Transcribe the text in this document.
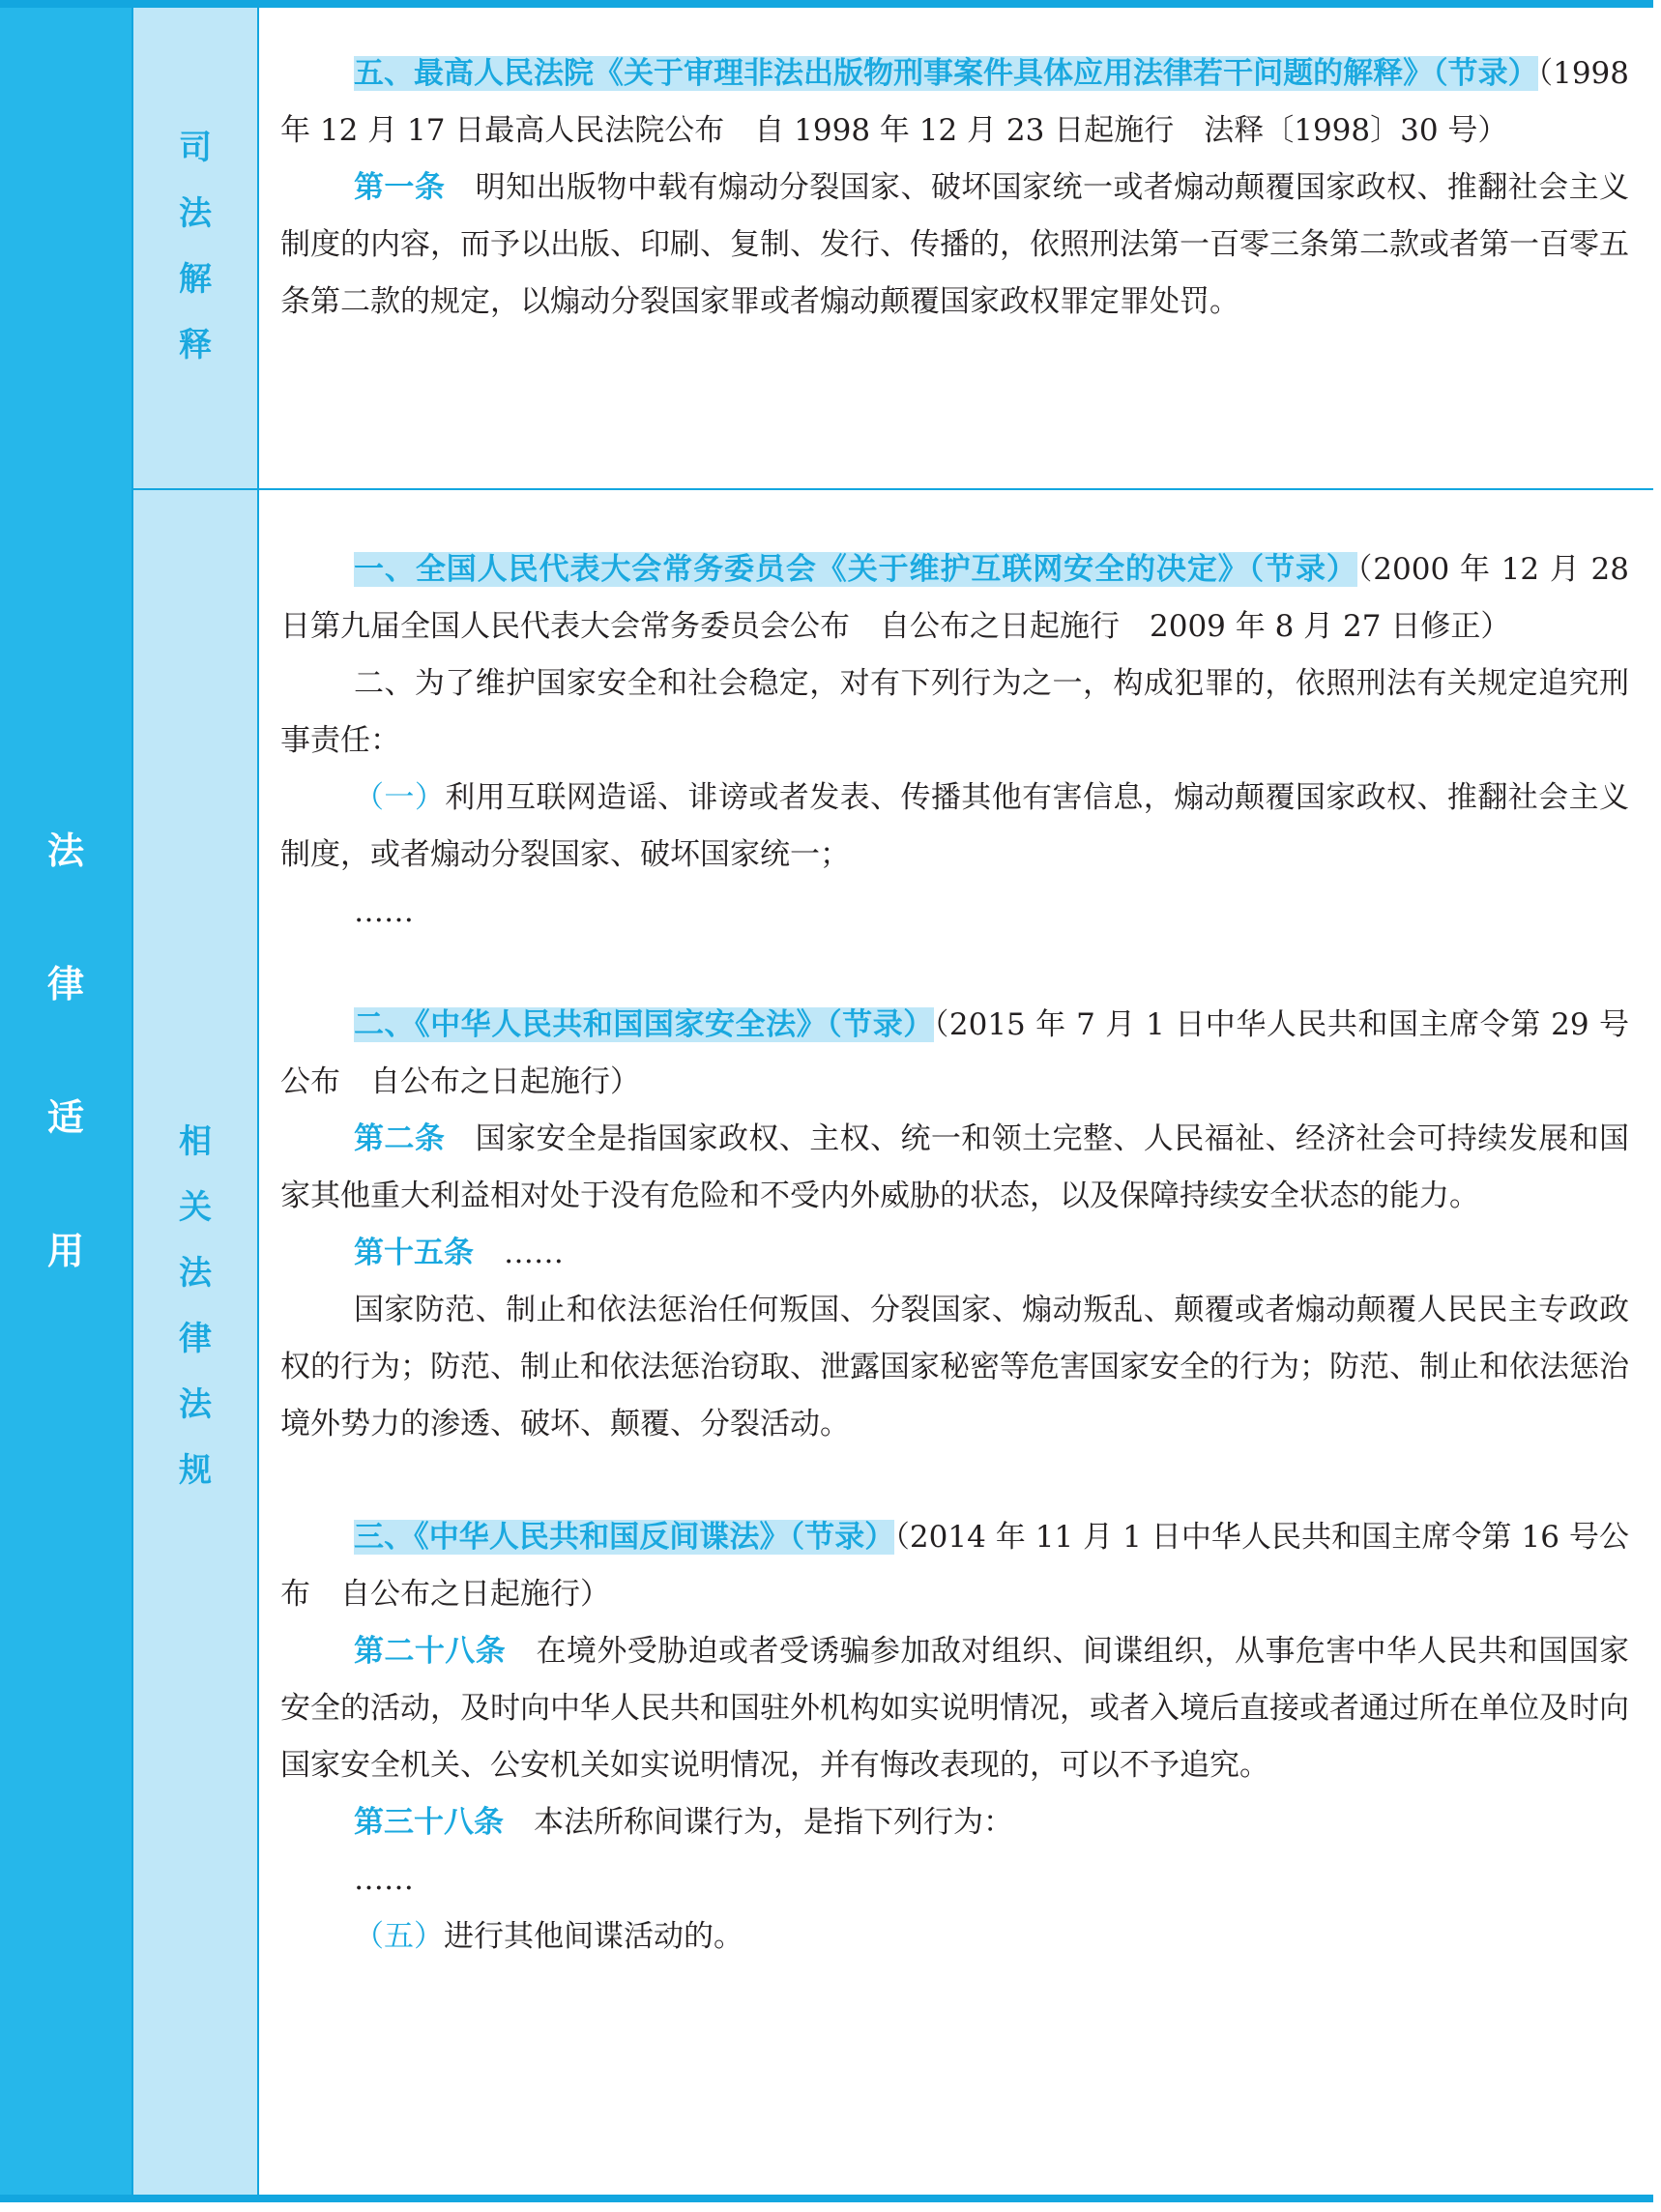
法
律
适
用
司
法
解
释
相
关
法
律
法
规

五、最高人民法院《关于审理非法出版物刑事案件具体应用法律若干问题的解释》（节录）（1998 年 12 月 17 日最高人民法院公布　自 1998 年 12 月 23 日起施行　法释〔1998〕30 号）

第一条　明知出版物中载有煽动分裂国家、破坏国家统一或者煽动颠覆国家政权、推翻社会主义制度的内容，而予以出版、印刷、复制、发行、传播的，依照刑法第一百零三条第二款或者第一百零五条第二款的规定，以煽动分裂国家罪或者煽动颠覆国家政权罪定罪处罚。

一、全国人民代表大会常务委员会《关于维护互联网安全的决定》（节录）（2000 年 12 月 28 日第九届全国人民代表大会常务委员会公布　自公布之日起施行　2009 年 8 月 27 日修正）

二、为了维护国家安全和社会稳定，对有下列行为之一，构成犯罪的，依照刑法有关规定追究刑事责任：

（一）利用互联网造谣、诽谤或者发表、传播其他有害信息，煽动颠覆国家政权、推翻社会主义制度，或者煽动分裂国家、破坏国家统一；

……

二、《中华人民共和国国家安全法》（节录）（2015 年 7 月 1 日中华人民共和国主席令第 29 号公布　自公布之日起施行）

第二条　国家安全是指国家政权、主权、统一和领土完整、人民福祉、经济社会可持续发展和国家其他重大利益相对处于没有危险和不受内外威胁的状态，以及保障持续安全状态的能力。

第十五条　……

国家防范、制止和依法惩治任何叛国、分裂国家、煽动叛乱、颠覆或者煽动颠覆人民民主专政政权的行为；防范、制止和依法惩治窃取、泄露国家秘密等危害国家安全的行为；防范、制止和依法惩治境外势力的渗透、破坏、颠覆、分裂活动。

三、《中华人民共和国反间谍法》（节录）（2014 年 11 月 1 日中华人民共和国主席令第 16 号公布　自公布之日起施行）

第二十八条　在境外受胁迫或者受诱骗参加敌对组织、间谍组织，从事危害中华人民共和国国家安全的活动，及时向中华人民共和国驻外机构如实说明情况，或者入境后直接或者通过所在单位及时向国家安全机关、公安机关如实说明情况，并有悔改表现的，可以不予追究。

第三十八条　本法所称间谍行为，是指下列行为：

……

（五）进行其他间谍活动的。
